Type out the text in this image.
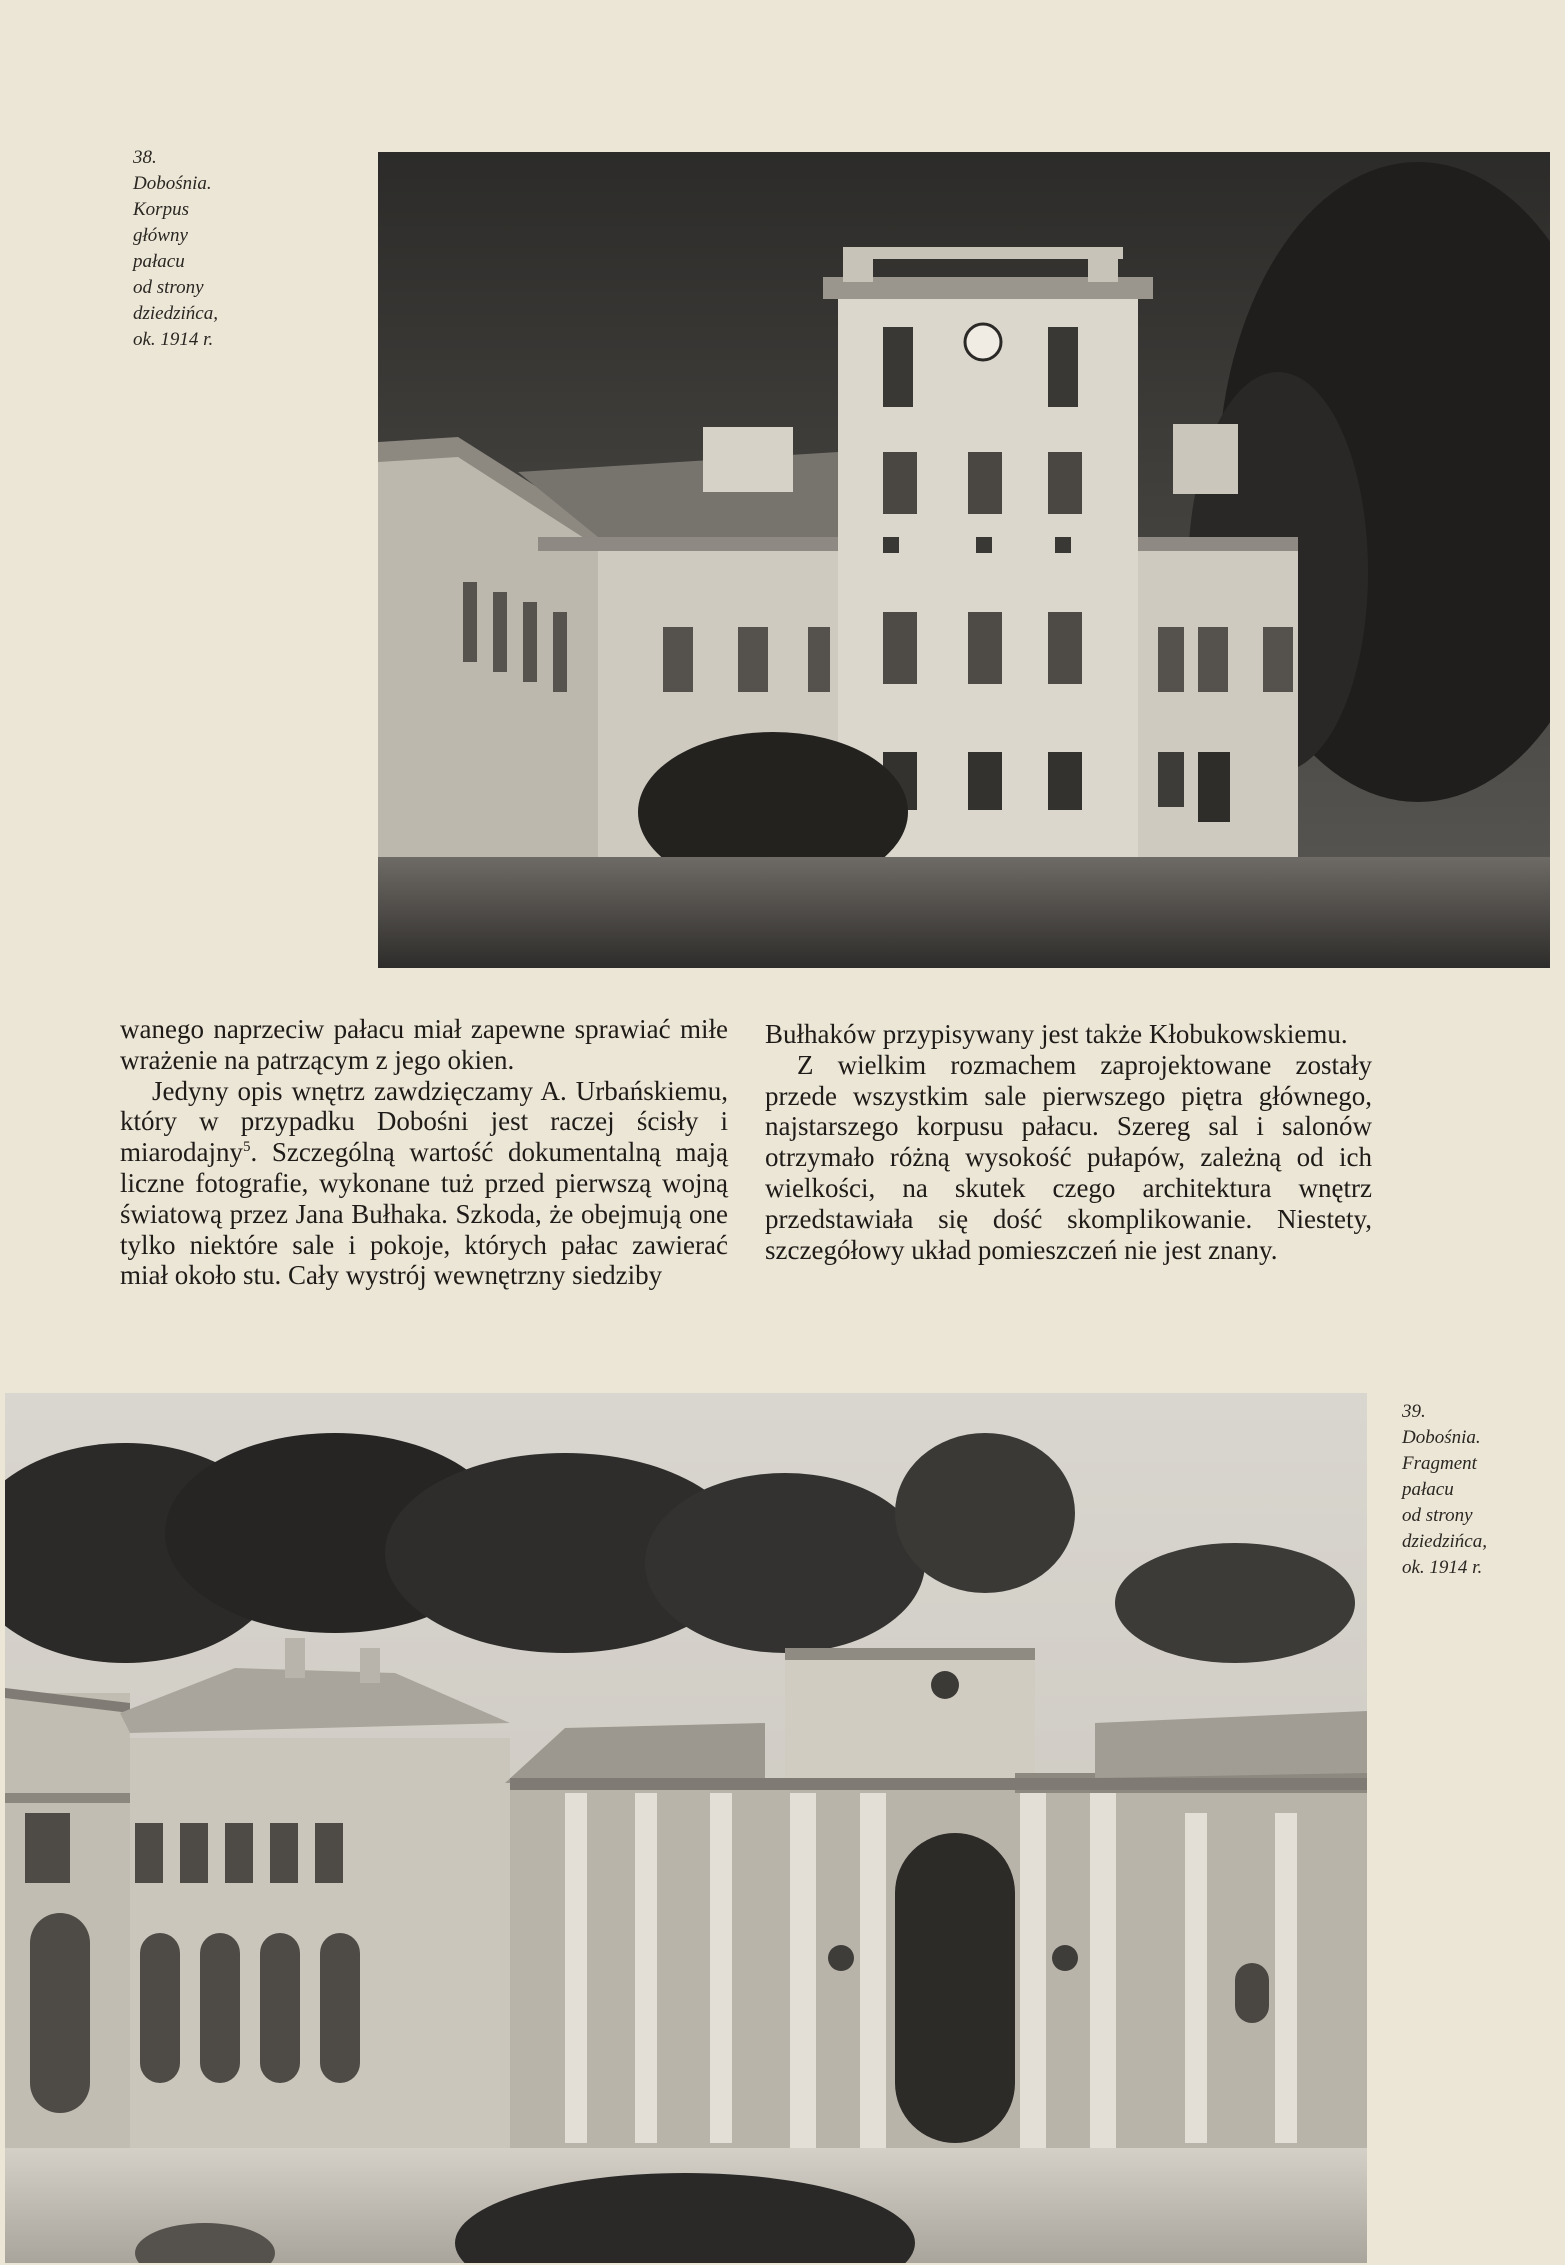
38.
Dobośnia.
Korpus
główny
pałacu
od strony
dziedzińca,
ok. 1914 r.

wanego naprzeciw pałacu miał zapewne sprawiać miłe wrażenie na patrzącym z jego okien.

Jedyny opis wnętrz zawdzięczamy A. Urbańskiemu, który w przypadku Dobośni jest raczej ścisły i miarodajny$^5$. Szczególną wartość dokumentalną mają liczne fotografie, wykonane tuż przed pierwszą wojną światową przez Jana Bułhaka. Szkoda, że obejmują one tylko niektóre sale i pokoje, których pałac zawierać miał około stu. Cały wystrój wewnętrzny siedziby

Bułhaków przypisywany jest także Kłobukowskiemu.

Z wielkim rozmachem zaprojektowane zostały przede wszystkim sale pierwszego piętra głównego, najstarszego korpusu pałacu. Szereg sal i salonów otrzymało różną wysokość pułapów, zależną od ich wielkości, na skutek czego architektura wnętrz przedstawiała się dość skomplikowanie. Niestety, szczegółowy układ pomieszczeń nie jest znany.

39.
Dobośnia.
Fragment
pałacu
od strony
dziedzińca,
ok. 1914 r.
